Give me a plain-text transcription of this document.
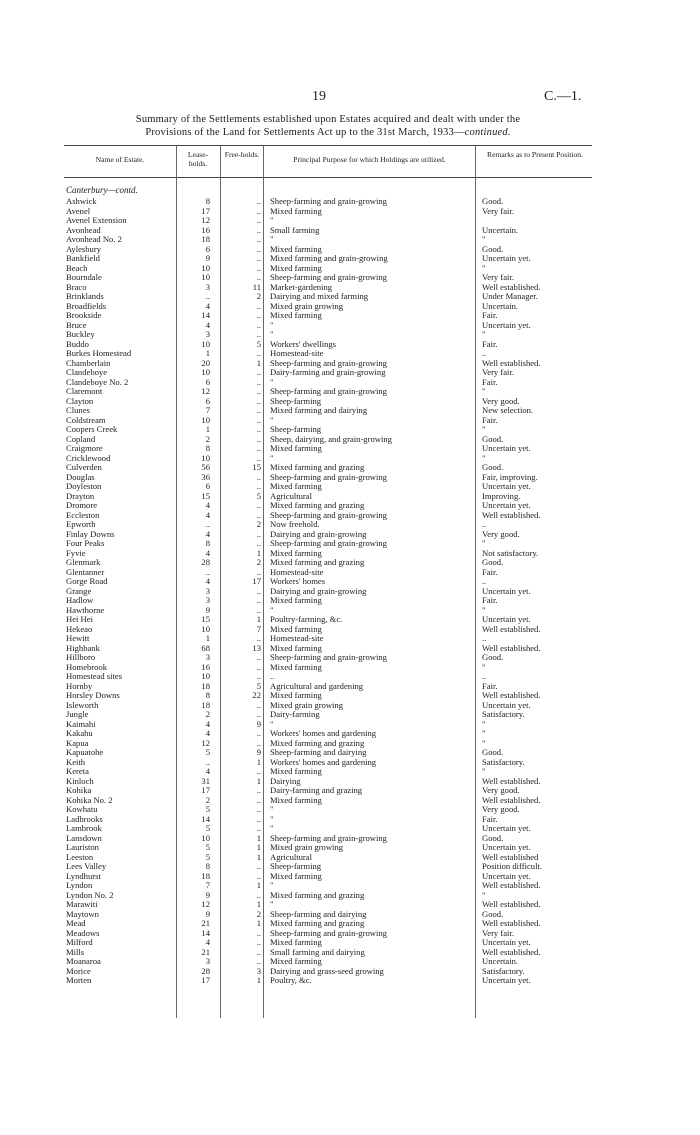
19	C.—1.
Summary of the Settlements established upon Estates acquired and dealt with under the
Provisions of the Land for Settlements Act up to the 31st March, 1933—continued.
Name of Estate.
Lease-holds.
Free-holds.
Principal Purpose for which Holdings are utilized.
Remarks as to Present Position.
Canterbury—contd.
Ashwick	8	.. Sheep-farming and grain-growing	Good.
Avenel	17	.. Mixed farming	Very fair.
Avenel Extension	12	.. "
Avonhead	16	.. Small farming	Uncertain.
Avonhead No. 2	18	.. "	"
Aylesbury	6	.. Mixed farming	Good.
Bankfield	9	.. Mixed farming and grain-growing	Uncertain yet.
Beach	10	.. Mixed farming	"
Bourndale	10	.. Sheep-farming and grain-growing	Very fair.
Braco	3	11 Market-gardening	Well established.
Brinklands	..	2 Dairying and mixed farming	Under Manager.
Broadfields	4	.. Mixed grain growing	Uncertain.
Brookside	14	.. Mixed farming	Fair.
Bruce	4	.. "	Uncertain yet.
Buckley	3	.. "	"
Buddo	10	5 Workers' dwellings	Fair.
Burkes Homestead	1	.. Homestead-site	..
Chamberlain	20	1 Sheep-farming and grain-growing	Well established.
Clandeboye	10	.. Dairy-farming and grain-growing	Very fair.
Clandeboye No. 2	6	.. "	Fair.
Claremont	12	.. Sheep-farming and grain-growing	"
Clayton	6	.. Sheep-farming	Very good.
Clunes	7	.. Mixed farming and dairying	New selection.
Coldstream	10	.. "	Fair.
Coopers Creek	1	.. Sheep-farming	"
Copland	2	.. Sheep, dairying, and grain-growing	Good.
Craigmore	8	.. Mixed farming	Uncertain yet.
Cricklewood	10	.. "	"
Culverden	56	15 Mixed farming and grazing	Good.
Douglas	36	.. Sheep-farming and grain-growing	Fair, improving.
Doyleston	6	.. Mixed farming	Uncertain yet.
Drayton	15	5 Agricultural	Improving.
Dromore	4	.. Mixed farming and grazing	Uncertain yet.
Eccleston	4	.. Sheep-farming and grain-growing	Well established.
Epworth	..	2 Now freehold.	..
Finlay Downs	4	.. Dairying and grain-growing	Very good.
Four Peaks	8	.. Sheep-farming and grain-growing	"
Fyvie	4	1 Mixed farming	Not satisfactory.
Glenmark	28	2 Mixed farming and grazing	Good.
Glentanner	..	.. Homestead-site	Fair.
Gorge Road	4	17 Workers' homes	..
Grange	3	.. Dairying and grain-growing	Uncertain yet.
Hadlow	3	.. Mixed farming	Fair.
Hawthorne	9	.. "	"
Hei Hei	15	1 Poultry-farming, &c.	Uncertain yet.
Hekeao	10	7 Mixed farming	Well established.
Hewitt	1	.. Homestead-site	..
Highbank	68	13 Mixed farming	Well established.
Hillboro	3	.. Sheep-farming and grain-growing	Good.
Homebrook	16	.. Mixed farming	"
Homestead sites	10	.. ..	..
Hornby	18	5 Agricultural and gardening	Fair.
Horsley Downs	8	22 Mixed farming	Well established.
Isleworth	18	.. Mixed grain growing	Uncertain yet.
Jungle	2	.. Dairy-farming	Satisfactory.
Kaimahi	4	9 "	"
Kakahu	4	.. Workers' homes and gardening	"
Kapua	12	.. Mixed farming and grazing	"
Kapuatohe	5	9 Sheep-farming and dairying	Good.
Keith	..	1 Workers' homes and gardening	Satisfactory.
Kereta	4	.. Mixed farming	"
Kinloch	31	1 Dairying	Well established.
Kohika	17	.. Dairy-farming and grazing	Very good.
Kohika No. 2	2	.. Mixed farming	Well established.
Kowhatu	5	.. "	Very good.
Ladbrooks	14	.. "	Fair.
Lambrook	5	.. "	Uncertain yet.
Lansdown	10	1 Sheep-farming and grain-growing	Good.
Lauriston	5	1 Mixed grain growing	Uncertain yet.
Leeston	5	1 Agricultural	Well established
Lees Valley	8	.. Sheep-farming	Position difficult.
Lyndhurst	18	.. Mixed farming	Uncertain yet.
Lyndon	7	1 "	Well established.
Lyndon No. 2	9	.. Mixed farming and grazing	"
Marawiti	12	1 "	Well established.
Maytown	9	2 Sheep-farming and dairying	Good.
Mead	21	1 Mixed farming and grazing	Well established.
Meadows	14	.. Sheep-farming and grain-growing	Very fair.
Milford	4	.. Mixed farming	Uncertain yet.
Mills	21	.. Small farming and dairying	Well established.
Moanaroa	3	.. Mixed farming	Uncertain.
Morice	28	3 Dairying and grass-seed growing	Satisfactory.
Morten	17	1 Poultry, &c.	Uncertain yet.
